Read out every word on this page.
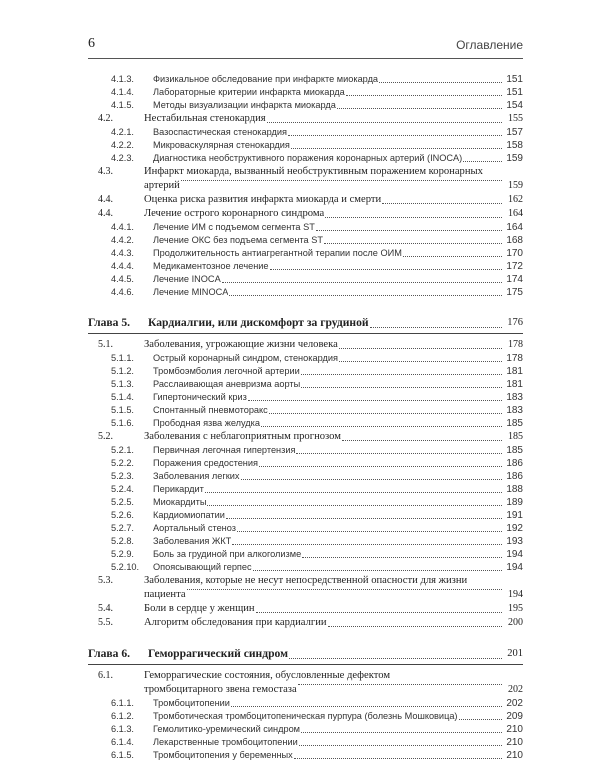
6	Оглавление
4.1.3.	Физикальное обследование при инфаркте миокарда	151
4.1.4.	Лабораторные критерии инфаркта миокарда	151
4.1.5.	Методы визуализации инфаркта миокарда	154
4.2.	Нестабильная стенокардия	155
4.2.1.	Вазоспастическая стенокардия	157
4.2.2.	Микроваскулярная стенокардия	158
4.2.3.	Диагностика необструктивного поражения коронарных артерий (INOCA)	159
4.3.	Инфаркт миокарда, вызванный необструктивным поражением коронарных
артерий	159
4.4.	Оценка риска развития инфаркта миокарда и смерти	162
4.4.	Лечение острого коронарного синдрома	164
4.4.1.	Лечение ИМ с подъемом сегмента ST	164
4.4.2.	Лечение ОКС без подъема сегмента ST	168
4.4.3.	Продолжительность антиагрегантной терапии после ОИМ	170
4.4.4.	Медикаментозное лечение	172
4.4.5.	Лечение INOCA	174
4.4.6.	Лечение MINOCA	175
Глава 5.	Кардиалгии, или дискомфорт за грудиной	176
5.1.	Заболевания, угрожающие жизни человека	178
5.1.1.	Острый коронарный синдром, стенокардия	178
5.1.2.	Тромбоэмболия легочной артерии	181
5.1.3.	Расслаивающая аневризма аорты	181
5.1.4.	Гипертонический криз	183
5.1.5.	Спонтанный пневмоторакс	183
5.1.6.	Прободная язва желудка	185
5.2.	Заболевания с неблагоприятным прогнозом	185
5.2.1.	Первичная легочная гипертензия	185
5.2.2.	Поражения средостения	186
5.2.3.	Заболевания легких	186
5.2.4.	Перикардит	188
5.2.5.	Миокардиты	189
5.2.6.	Кардиомиопатии	191
5.2.7.	Аортальный стеноз	192
5.2.8.	Заболевания ЖКТ	193
5.2.9.	Боль за грудиной при алкоголизме	194
5.2.10.	Опоясывающий герпес	194
5.3.	Заболевания, которые не несут непосредственной опасности для жизни
пациента	194
5.4.	Боли в сердце у женщин	195
5.5.	Алгоритм обследования при кардиалгии	200
Глава 6.	Геморрагический синдром	201
6.1.	Геморрагические состояния, обусловленные дефектом
тромбоцитарного звена гемостаза	202
6.1.1.	Тромбоцитопении	202
6.1.2.	Тромботическая тромбоцитопеническая пурпура (болезнь Мошковица)	209
6.1.3.	Гемолитико-уремический синдром	210
6.1.4.	Лекарственные тромбоцитопении	210
6.1.5.	Тромбоцитопения у беременных	210
